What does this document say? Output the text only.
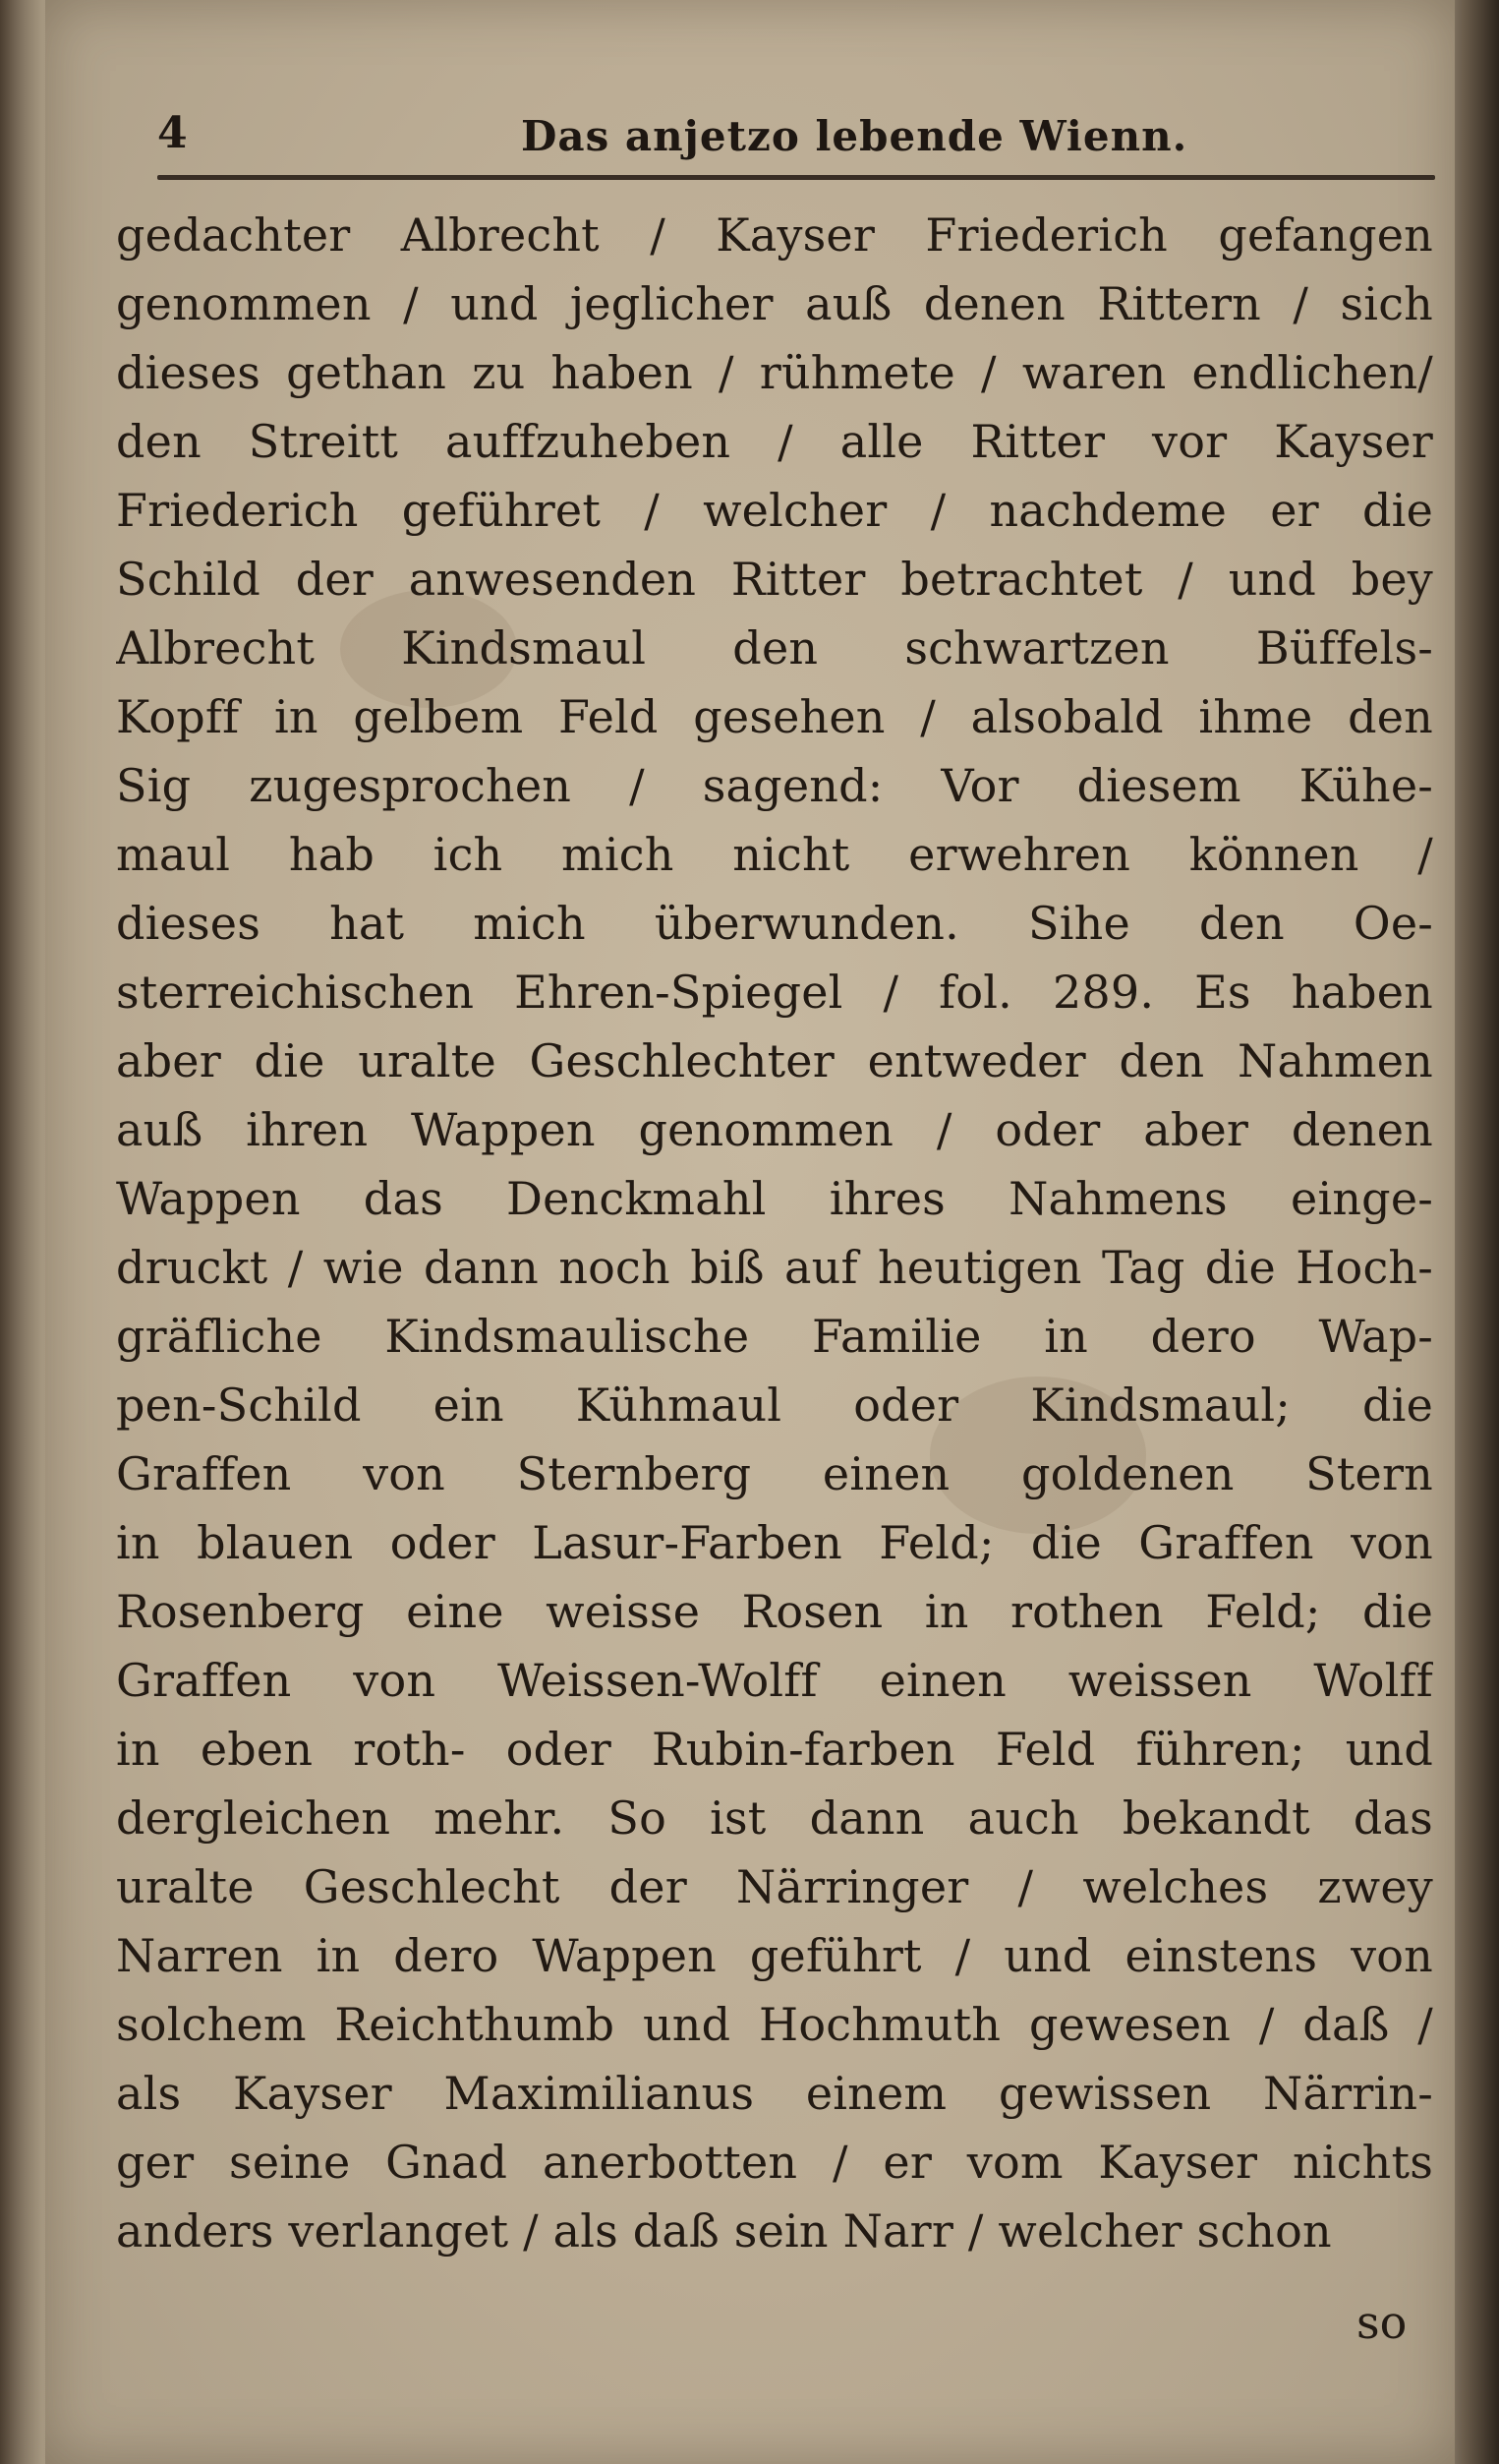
4	Das anjetzo lebende Wienn.
gedachter Albrecht / Kayser Friederich gefangen
genommen / und jeglicher auß denen Rittern / sich
dieses gethan zu haben / rühmete / waren endlichen/
den Streitt auffzuheben / alle Ritter vor Kayser
Friederich geführet / welcher / nachdeme er die
Schild der anwesenden Ritter betrachtet / und bey
Albrecht Kindsmaul den schwartzen Büffels-
Kopff in gelbem Feld gesehen / alsobald ihme den
Sig zugesprochen / sagend: Vor diesem Kühe-
maul hab ich mich nicht erwehren können /
dieses hat mich überwunden. Sihe den Oe-
sterreichischen Ehren-Spiegel / fol. 289. Es haben
aber die uralte Geschlechter entweder den Nahmen
auß ihren Wappen genommen / oder aber denen
Wappen das Denckmahl ihres Nahmens einge-
druckt / wie dann noch biß auf heutigen Tag die Hoch-
gräfliche Kindsmaulische Familie in dero Wap-
pen-Schild ein Kühmaul oder Kindsmaul; die
Graffen von Sternberg einen goldenen Stern
in blauen oder Lasur-Farben Feld; die Graffen von
Rosenberg eine weisse Rosen in rothen Feld; die
Graffen von Weissen-Wolff einen weissen Wolff
in eben roth- oder Rubin-farben Feld führen; und
dergleichen mehr. So ist dann auch bekandt das
uralte Geschlecht der Närringer / welches zwey
Narren in dero Wappen geführt / und einstens von
solchem Reichthumb und Hochmuth gewesen / daß /
als Kayser Maximilianus einem gewissen Närrin-
ger seine Gnad anerbotten / er vom Kayser nichts
anders verlanget / als daß sein Narr / welcher schon
so
